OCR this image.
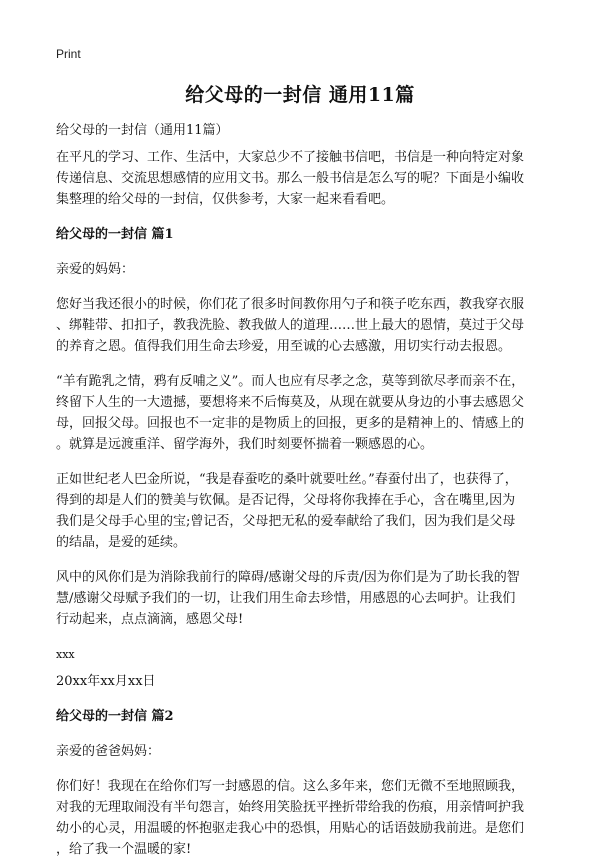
Print
给父母的一封信 通用11篇
给父母的一封信（通用11篇）
在平凡的学习、工作、生活中，大家总少不了接触书信吧，书信是一种向特定对象
传递信息、交流思想感情的应用文书。那么一般书信是怎么写的呢？下面是小编收
集整理的给父母的一封信，仅供参考，大家一起来看看吧。
给父母的一封信 篇1
亲爱的妈妈：
您好当我还很小的时候，你们花了很多时间教你用勺子和筷子吃东西，教我穿衣服
、绑鞋带、扣扣子，教我洗脸、教我做人的道理……世上最大的恩情，莫过于父母
的养育之恩。值得我们用生命去珍爱，用至诚的心去感激，用切实行动去报恩。
“羊有跪乳之情，鸦有反哺之义”。而人也应有尽孝之念，莫等到欲尽孝而亲不在，
终留下人生的一大遗撼，要想将来不后悔莫及，从现在就要从身边的小事去感恩父
母，回报父母。回报也不一定非的是物质上的回报，更多的是精神上的、情感上的
。就算是远渡重洋、留学海外，我们时刻要怀揣着一颗感恩的心。
正如世纪老人巴金所说，“我是春蚕吃的桑叶就要吐丝。”春蚕付出了，也获得了，
得到的却是人们的赞美与钦佩。是否记得，父母将你我捧在手心，含在嘴里,因为
我们是父母手心里的宝;曾记否，父母把无私的爱奉献给了我们，因为我们是父母
的结晶，是爱的延续。
风中的风你们是为消除我前行的障碍/感谢父母的斥责/因为你们是为了助长我的智
慧/感谢父母赋予我们的一切，让我们用生命去珍惜，用感恩的心去呵护。让我们
行动起来，点点滴滴，感恩父母!
xxx
20xx年xx月xx日
给父母的一封信 篇2
亲爱的爸爸妈妈：
你们好！我现在在给你们写一封感恩的信。这么多年来，您们无微不至地照顾我，
对我的无理取闹没有半句怨言，始终用笑脸抚平挫折带给我的伤痕，用亲情呵护我
幼小的心灵，用温暖的怀抱驱走我心中的恐惧，用贴心的话语鼓励我前进。是您们
，给了我一个温暖的家!
